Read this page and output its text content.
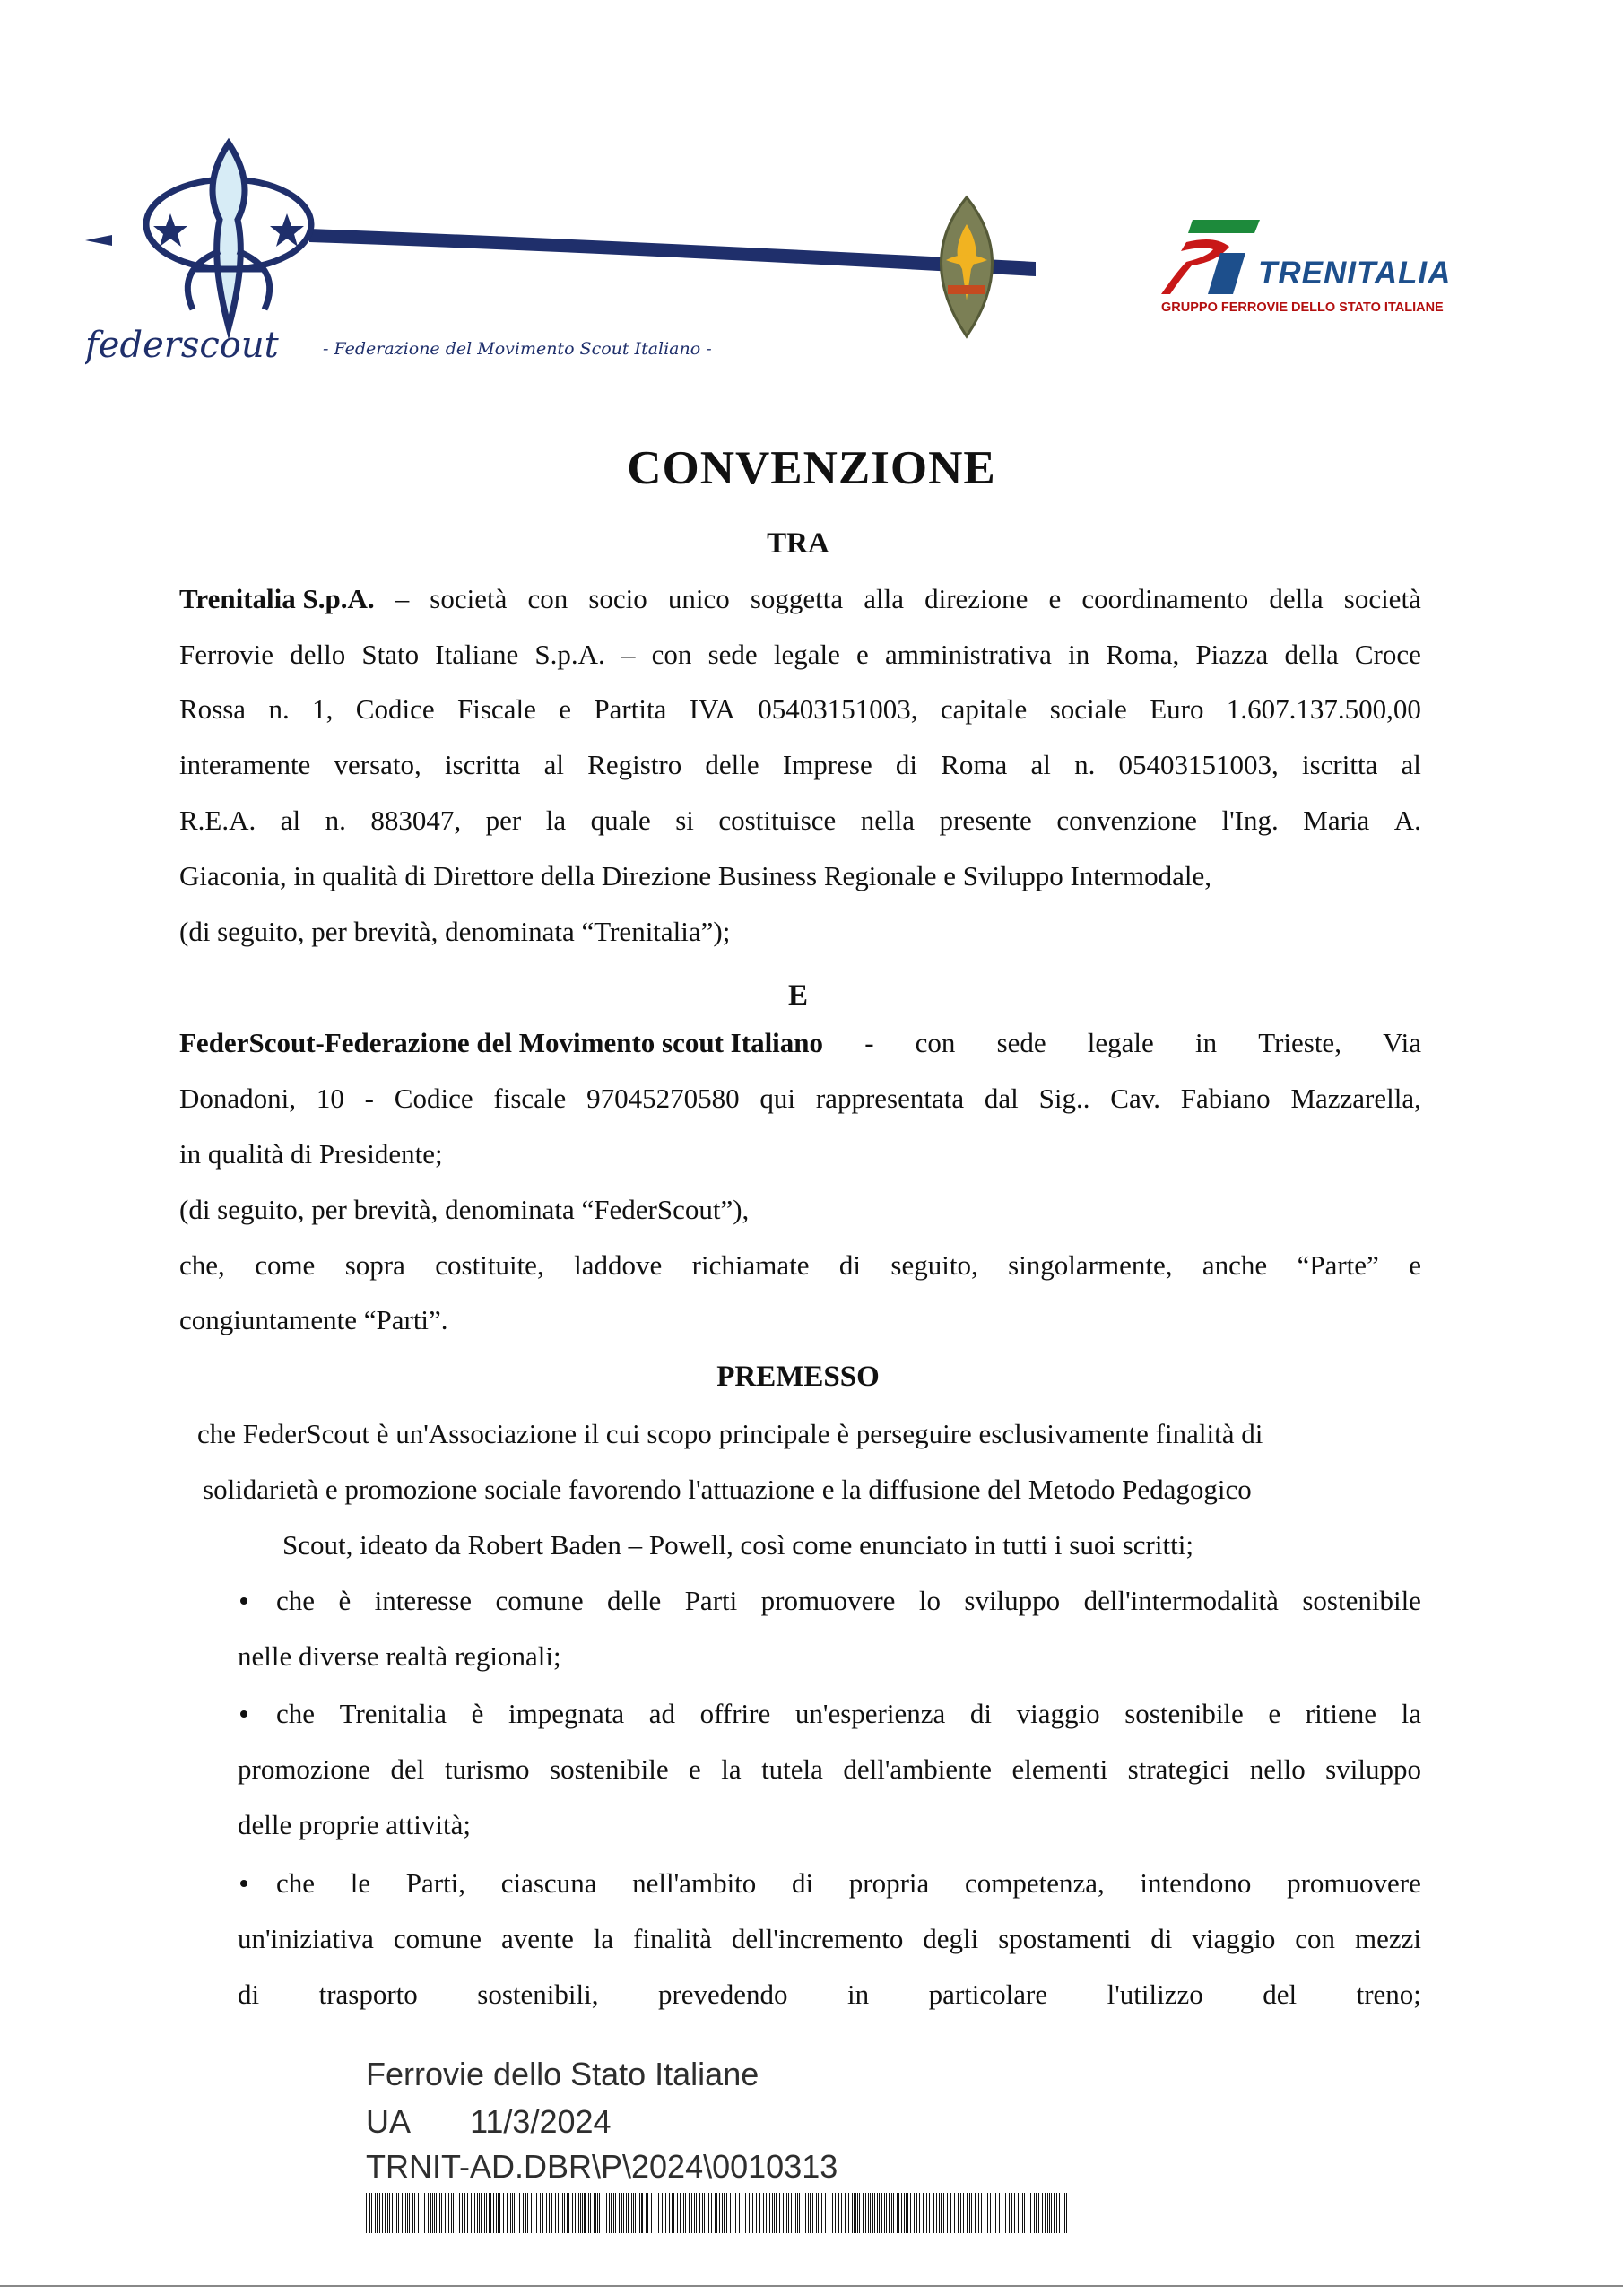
federscout	- Federazione del Movimento Scout Italiano -
TRENITALIA
GRUPPO FERROVIE DELLO STATO ITALIANE
CONVENZIONE
TRA
Trenitalia S.p.A. – società con socio unico soggetta alla direzione e coordinamento della società
Ferrovie dello Stato Italiane S.p.A. – con sede legale e amministrativa in Roma, Piazza della Croce
Rossa n. 1, Codice Fiscale e Partita IVA 05403151003, capitale sociale Euro 1.607.137.500,00
interamente versato, iscritta al Registro delle Imprese di Roma al n. 05403151003, iscritta al
R.E.A. al n. 883047, per la quale si costituisce nella presente convenzione l'Ing. Maria A.
Giaconia, in qualità di Direttore della Direzione Business Regionale e Sviluppo Intermodale,
(di seguito, per brevità, denominata “Trenitalia”);
FederScout-Federazione del Movimento scout Italiano - con sede legale in Trieste, Via
Donadoni, 10 - Codice fiscale 97045270580 qui rappresentata dal Sig.. Cav. Fabiano Mazzarella,
in qualità di Presidente;
(di seguito, per brevità, denominata “FederScout”),
che, come sopra costituite, laddove richiamate di seguito, singolarmente, anche “Parte” e
congiuntamente “Parti”.
che FederScout è un'Associazione il cui scopo principale è perseguire esclusivamente finalità di
solidarietà e promozione sociale favorendo l'attuazione e la diffusione del Metodo Pedagogico
Scout, ideato da Robert Baden – Powell, così come enunciato in tutti i suoi scritti;
che è interesse comune delle Parti promuovere lo sviluppo dell'intermodalità sostenibile
nelle diverse realtà regionali;
che Trenitalia è impegnata ad offrire un'esperienza di viaggio sostenibile e ritiene la
promozione del turismo sostenibile e la tutela dell'ambiente elementi strategici nello sviluppo
delle proprie attività;
che le Parti, ciascuna nell'ambito di propria competenza, intendono promuovere
un'iniziativa comune avente la finalità dell'incremento degli spostamenti di viaggio con mezzi
di trasporto sostenibili, prevedendo in particolare l'utilizzo del treno;
E
PREMESSO
Ferrovie dello Stato Italiane
UA 11/3/2024
TRNIT-AD.DBR\P\2024\0010313
